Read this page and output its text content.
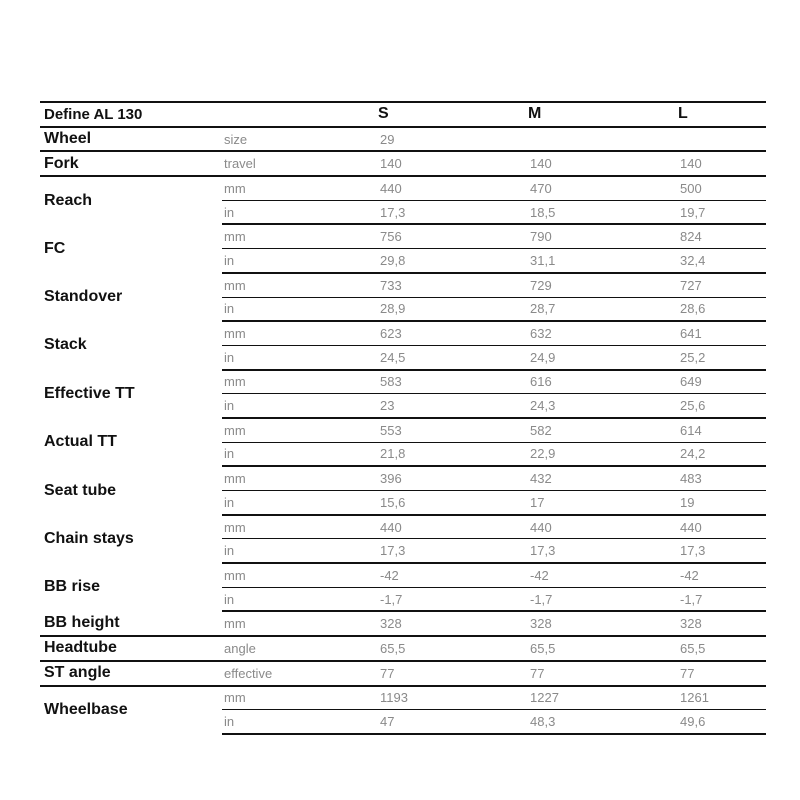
Define AL 130		S	M	L
Wheel	size	29		
Fork	travel	140	140	140
Reach	mm	440	470	500
	in	17,3	18,5	19,7
FC	mm	756	790	824
	in	29,8	31,1	32,4
Standover	mm	733	729	727
	in	28,9	28,7	28,6
Stack	mm	623	632	641
	in	24,5	24,9	25,2
Effective TT	mm	583	616	649
	in	23	24,3	25,6
Actual TT	mm	553	582	614
	in	21,8	22,9	24,2
Seat tube	mm	396	432	483
	in	15,6	17	19
Chain stays	mm	440	440	440
	in	17,3	17,3	17,3
BB rise	mm	-42	-42	-42
	in	-1,7	-1,7	-1,7
BB height	mm	328	328	328
Headtube	angle	65,5	65,5	65,5
ST angle	effective	77	77	77
Wheelbase	mm	1193	1227	1261
	in	47	48,3	49,6
